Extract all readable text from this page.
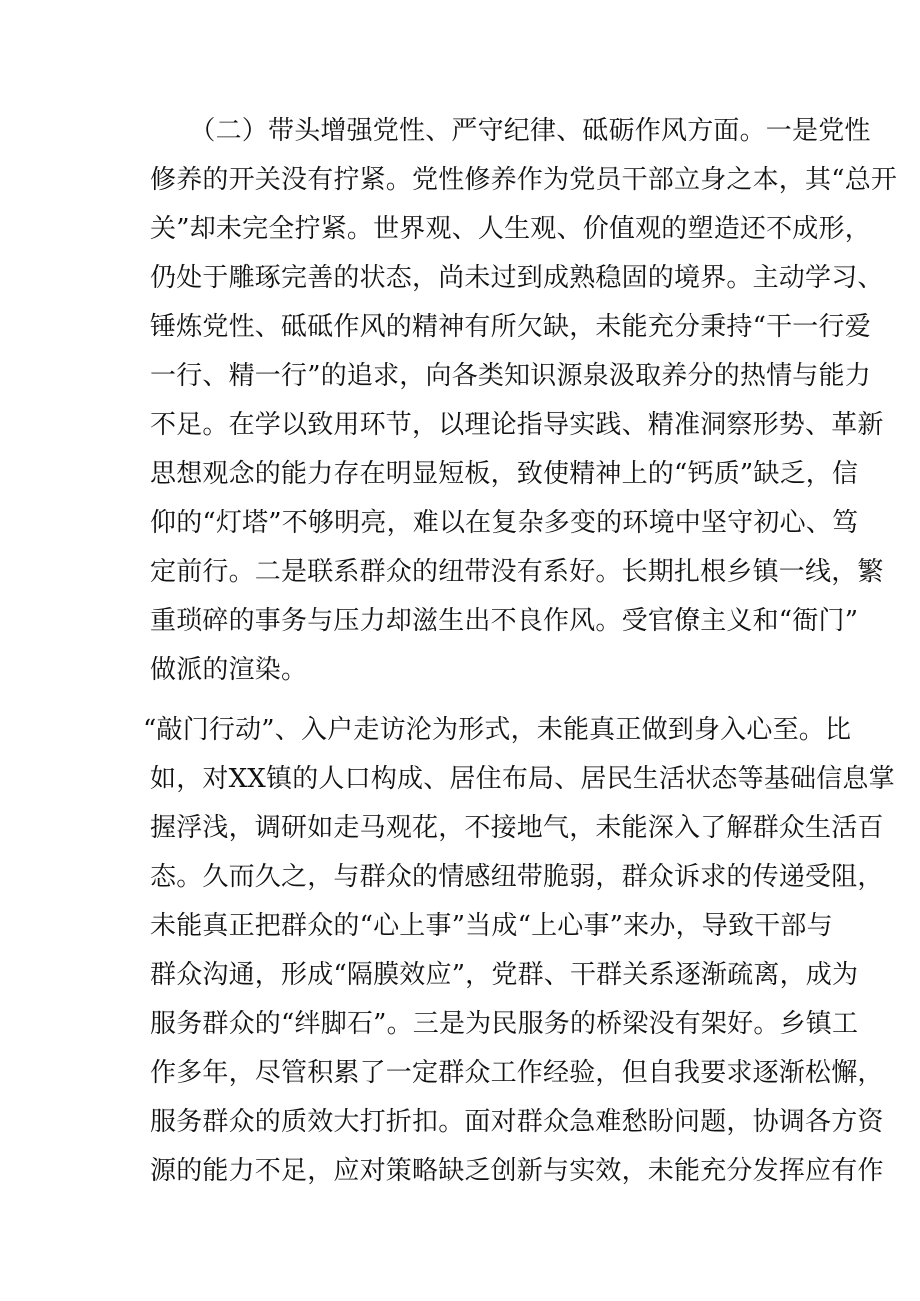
　　（二）带头增强党性、严守纪律、砥砺作风方面。一是党性
修养的开关没有拧紧。党性修养作为党员干部立身之本，其“总开
关”却未完全拧紧。世界观、人生观、价值观的塑造还不成形，
仍处于雕琢完善的状态，尚未过到成熟稳固的境界。主动学习、
锤炼党性、砥砥作风的精神有所欠缺，未能充分秉持“干一行爱
一行、精一行”的追求，向各类知识源泉汲取养分的热情与能力
不足。在学以致用环节，以理论指导实践、精准洞察形势、革新
思想观念的能力存在明显短板，致使精神上的“钙质”缺乏，信
仰的“灯塔”不够明亮，难以在复杂多变的环境中坚守初心、笃
定前行。二是联系群众的纽带没有系好。长期扎根乡镇一线，繁
重琐碎的事务与压力却滋生出不良作风。受官僚主义和“衙门”
做派的渲染。
“敲门行动”、入户走访沦为形式，未能真正做到身入心至。比
如，对XX镇的人口构成、居住布局、居民生活状态等基础信息掌
握浮浅，调研如走马观花，不接地气，未能深入了解群众生活百
态。久而久之，与群众的情感纽带脆弱，群众诉求的传递受阻，
未能真正把群众的“心上事”当成“上心事”来办，导致干部与
群众沟通，形成“隔膜效应”，党群、干群关系逐渐疏离，成为
服务群众的“绊脚石”。三是为民服务的桥梁没有架好。乡镇工
作多年，尽管积累了一定群众工作经验，但自我要求逐渐松懈，
服务群众的质效大打折扣。面对群众急难愁盼问题，协调各方资
源的能力不足，应对策略缺乏创新与实效，未能充分发挥应有作
